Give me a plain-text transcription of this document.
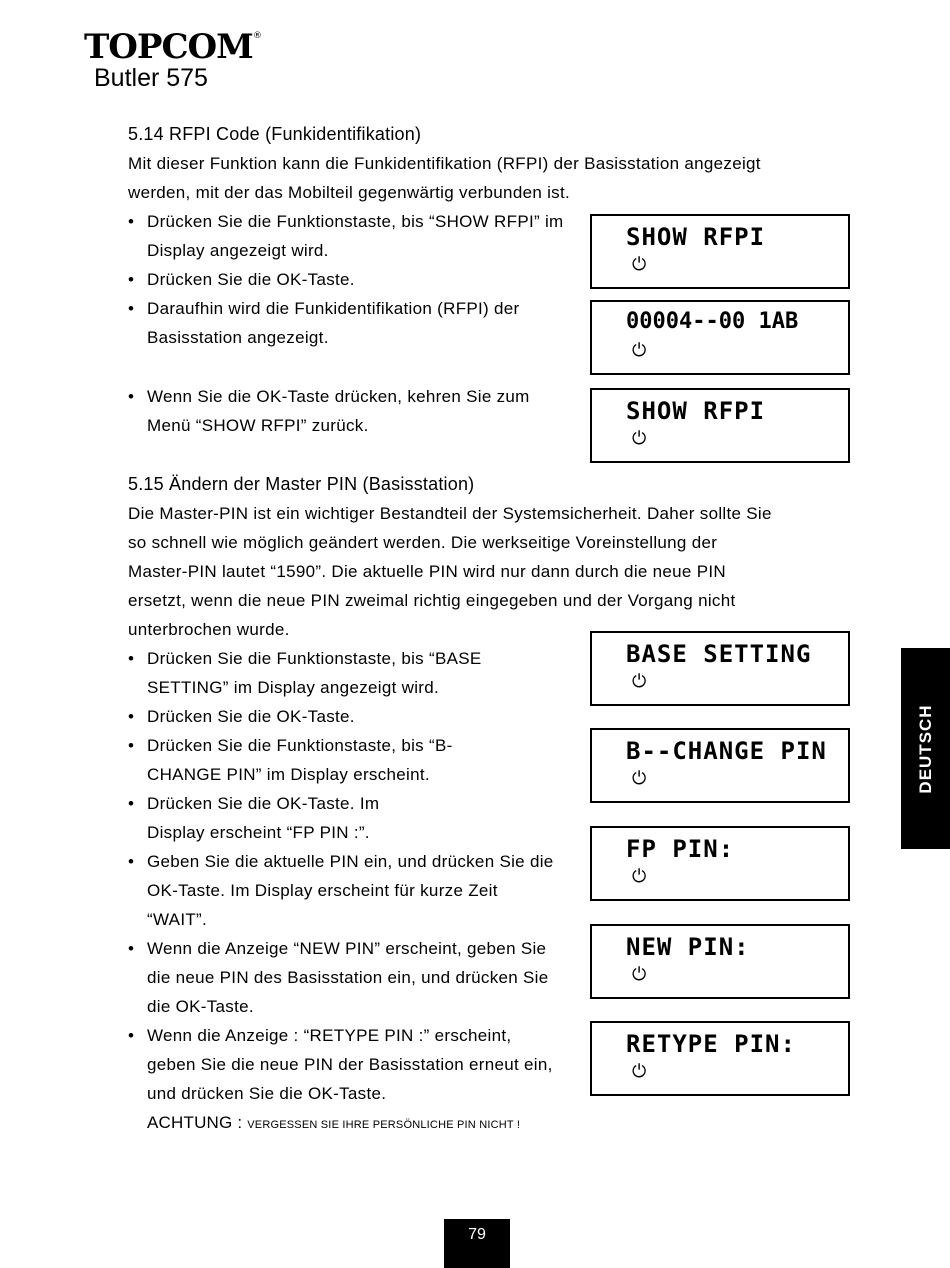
TOPCOM®
Butler 575
5.14 RFPI Code (Funkidentifikation)
Mit dieser Funktion kann die Funkidentifikation (RFPI) der Basisstation angezeigt
werden, mit der das Mobilteil gegenwärtig verbunden ist.
• Drücken Sie die Funktionstaste, bis “SHOW RFPI” im Display angezeigt wird.
• Drücken Sie die OK-Taste.
• Daraufhin wird die Funkidentifikation (RFPI) der Basisstation angezeigt.
• Wenn Sie die OK-Taste drücken, kehren Sie zum Menü “SHOW RFPI” zurück.
SHOW RFPI
⏻
00004--00 1AB
⏻
SHOW RFPI
⏻
5.15 Ändern der Master PIN (Basisstation)
Die Master-PIN ist ein wichtiger Bestandteil der Systemsicherheit. Daher sollte Sie
so schnell wie möglich geändert werden. Die werkseitige Voreinstellung der
Master-PIN lautet “1590”. Die aktuelle PIN wird nur dann durch die neue PIN
ersetzt, wenn die neue PIN zweimal richtig eingegeben und der Vorgang nicht
unterbrochen wurde.
• Drücken Sie die Funktionstaste, bis “BASE SETTING” im Display angezeigt wird.
• Drücken Sie die OK-Taste.
• Drücken Sie die Funktionstaste, bis “B-CHANGE PIN” im Display erscheint.
• Drücken Sie die OK-Taste. Im Display erscheint “FP PIN :”.
• Geben Sie die aktuelle PIN ein, und drücken Sie die OK-Taste. Im Display erscheint für kurze Zeit “WAIT”.
• Wenn die Anzeige “NEW PIN” erscheint, geben Sie die neue PIN des Basisstation ein, und drücken Sie die OK-Taste.
• Wenn die Anzeige : “RETYPE PIN :” erscheint, geben Sie die neue PIN der Basisstation erneut ein, und drücken Sie die OK-Taste.
ACHTUNG : VERGESSEN SIE IHRE PERSÖNLICHE PIN NICHT !
BASE SETTING
⏻
B--CHANGE PIN
⏻
FP PIN:
⏻
NEW PIN:
⏻
RETYPE PIN:
⏻
DEUTSCH
79
